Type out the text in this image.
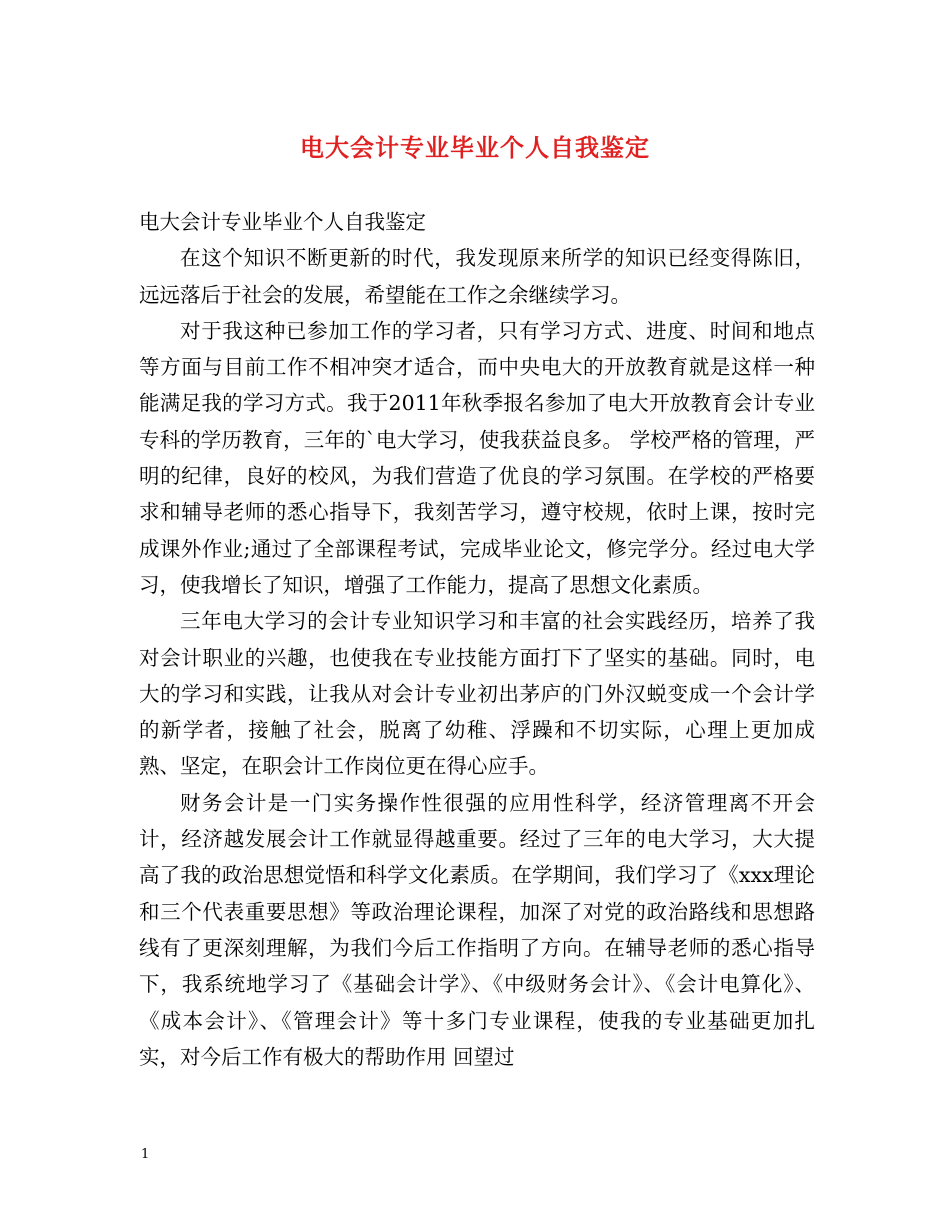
电大会计专业毕业个人自我鉴定

电大会计专业毕业个人自我鉴定

在这个知识不断更新的时代，我发现原来所学的知识已经变得陈旧，远远落后于社会的发展，希望能在工作之余继续学习。

对于我这种已参加工作的学习者，只有学习方式、进度、时间和地点等方面与目前工作不相冲突才适合，而中央电大的开放教育就是这样一种能满足我的学习方式。我于2011年秋季报名参加了电大开放教育会计专业专科的学历教育，三年的`电大学习，使我获益良多。 学校严格的管理，严明的纪律，良好的校风，为我们营造了优良的学习氛围。在学校的严格要求和辅导老师的悉心指导下，我刻苦学习，遵守校规，依时上课，按时完成课外作业;通过了全部课程考试，完成毕业论文，修完学分。经过电大学习，使我增长了知识，增强了工作能力，提高了思想文化素质。

三年电大学习的会计专业知识学习和丰富的社会实践经历，培养了我对会计职业的兴趣，也使我在专业技能方面打下了坚实的基础。同时，电大的学习和实践，让我从对会计专业初出茅庐的门外汉蜕变成一个会计学的新学者，接触了社会，脱离了幼稚、浮躁和不切实际，心理上更加成熟、坚定，在职会计工作岗位更在得心应手。

财务会计是一门实务操作性很强的应用性科学，经济管理离不开会计，经济越发展会计工作就显得越重要。经过了三年的电大学习，大大提高了我的政治思想觉悟和科学文化素质。在学期间，我们学习了《xxx理论和三个代表重要思想》等政治理论课程，加深了对党的政治路线和思想路线有了更深刻理解，为我们今后工作指明了方向。在辅导老师的悉心指导下，我系统地学习了《基础会计学》、《中级财务会计》、《会计电算化》、《成本会计》、《管理会计》等十多门专业课程，使我的专业基础更加扎实，对今后工作有极大的帮助作用 回望过

1
